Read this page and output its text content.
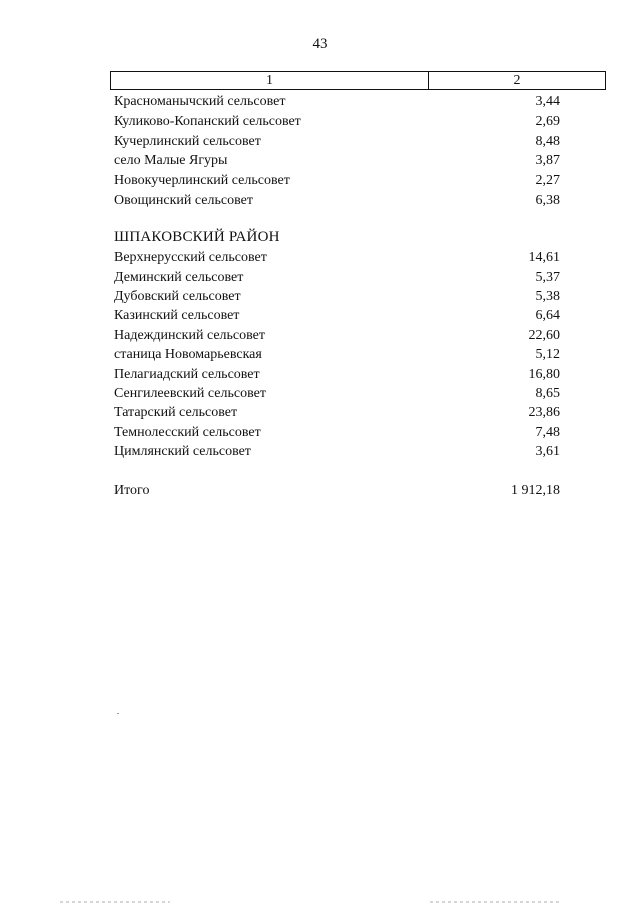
43
1	2
Красноманычский сельсовет	3,44
Куликово-Копанский сельсовет	2,69
Кучерлинский сельсовет	8,48
село Малые Ягуры	3,87
Новокучерлинский сельсовет	2,27
Овощинский сельсовет	6,38
ШПАКОВСКИЙ РАЙОН
Верхнерусский сельсовет	14,61
Деминский сельсовет	5,37
Дубовский сельсовет	5,38
Казинский сельсовет	6,64
Надеждинский сельсовет	22,60
станица Новомарьевская	5,12
Пелагиадский сельсовет	16,80
Сенгилеевский сельсовет	8,65
Татарский сельсовет	23,86
Темнолесский сельсовет	7,48
Цимлянский сельсовет	3,61
Итого	1 912,18
